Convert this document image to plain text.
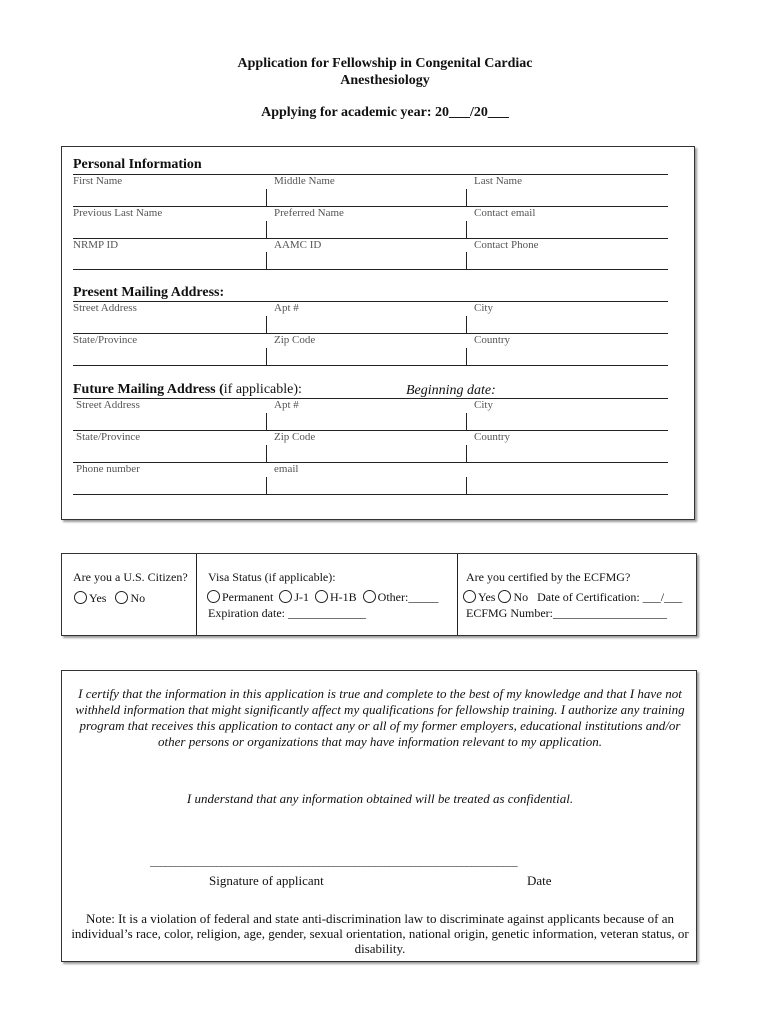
Application for Fellowship in Congenital Cardiac
Anesthesiology
Applying for academic year: 20___/20___
Personal Information
First Name	Middle Name	Last Name
Previous Last Name	Preferred Name	Contact email
NRMP ID	AAMC ID	Contact Phone
Present Mailing Address:
Street Address	Apt #	City
State/Province	Zip Code	Country
Future Mailing Address (if applicable):	Beginning date:
Street Address	Apt #	City
State/Province	Zip Code	Country
Phone number	email
Are you a U.S. Citizen?
Yes No
Visa Status (if applicable):
Permanent J-1 H-1B Other:_____
Expiration date: _____________
Are you certified by the ECFMG?
Yes No Date of Certification: ___/___
ECFMG Number:___________________
I certify that the information in this application is true and complete to the best of my knowledge and that I have not withheld information that might significantly affect my qualifications for fellowship training. I authorize any training program that receives this application to contact any or all of my former employers, educational institutions and/or other persons or organizations that may have information relevant to my application.
I understand that any information obtained will be treated as confidential.
________________________________________________________________________
Signature of applicant	Date
Note: It is a violation of federal and state anti-discrimination law to discriminate against applicants because of an individual’s race, color, religion, age, gender, sexual orientation, national origin, genetic information, veteran status, or disability.
